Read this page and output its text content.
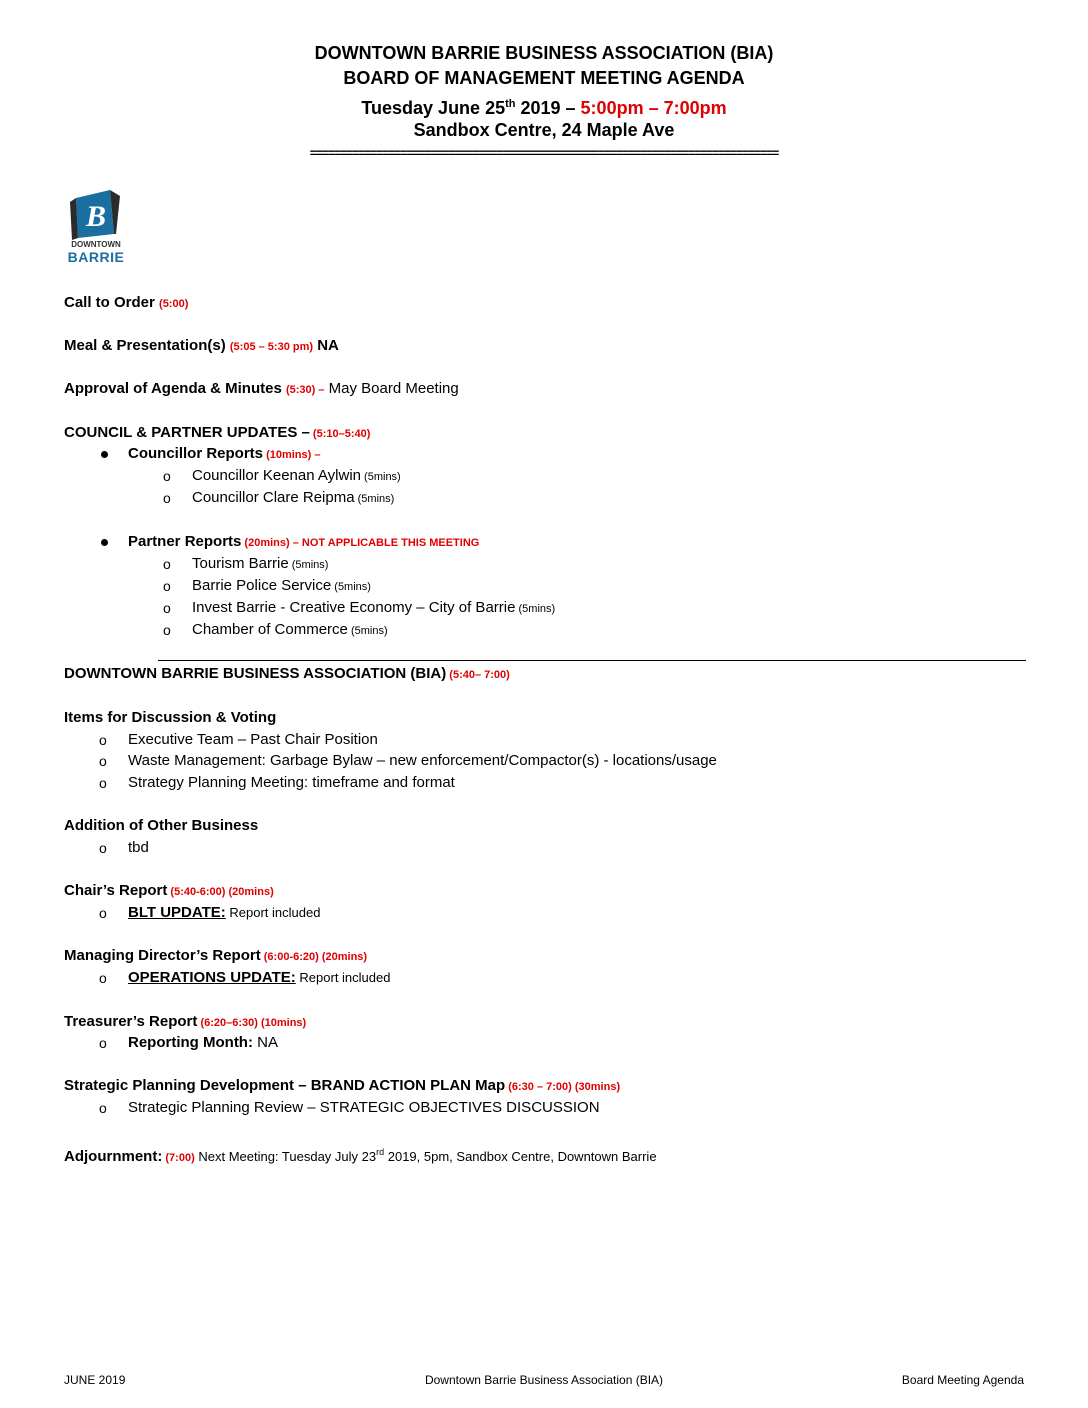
DOWNTOWN BARRIE BUSINESS ASSOCIATION (BIA)
BOARD OF MANAGEMENT MEETING AGENDA
Tuesday June 25th 2019 – 5:00pm – 7:00pm
Sandbox Centre, 24 Maple Ave
==============================================================================
B
DOWNTOWN
BARRIE
Call to Order (5:00)
Meal & Presentation(s) (5:05 – 5:30 pm) NA
Approval of Agenda & Minutes (5:30) – May Board Meeting
COUNCIL & PARTNER UPDATES – (5:10–5:40)
Councillor Reports (10mins) –
o Councillor Keenan Aylwin (5mins)
o Councillor Clare Reipma (5mins)
Partner Reports (20mins) – NOT APPLICABLE THIS MEETING
o Tourism Barrie (5mins)
o Barrie Police Service (5mins)
o Invest Barrie - Creative Economy – City of Barrie (5mins)
o Chamber of Commerce (5mins)
DOWNTOWN BARRIE BUSINESS ASSOCIATION (BIA) (5:40– 7:00)
Items for Discussion & Voting
o Executive Team – Past Chair Position
o Waste Management: Garbage Bylaw – new enforcement/Compactor(s) - locations/usage
o Strategy Planning Meeting: timeframe and format
Addition of Other Business
o tbd
Chair’s Report (5:40-6:00) (20mins)
o BLT UPDATE: Report included
Managing Director’s Report (6:00-6:20) (20mins)
o OPERATIONS UPDATE: Report included
Treasurer’s Report (6:20–6:30) (10mins)
o Reporting Month: NA
Strategic Planning Development – BRAND ACTION PLAN Map (6:30 – 7:00) (30mins)
o Strategic Planning Review – STRATEGIC OBJECTIVES DISCUSSION
Adjournment: (7:00) Next Meeting: Tuesday July 23rd 2019, 5pm, Sandbox Centre, Downtown Barrie
JUNE 2019	Downtown Barrie Business Association (BIA)	Board Meeting Agenda
